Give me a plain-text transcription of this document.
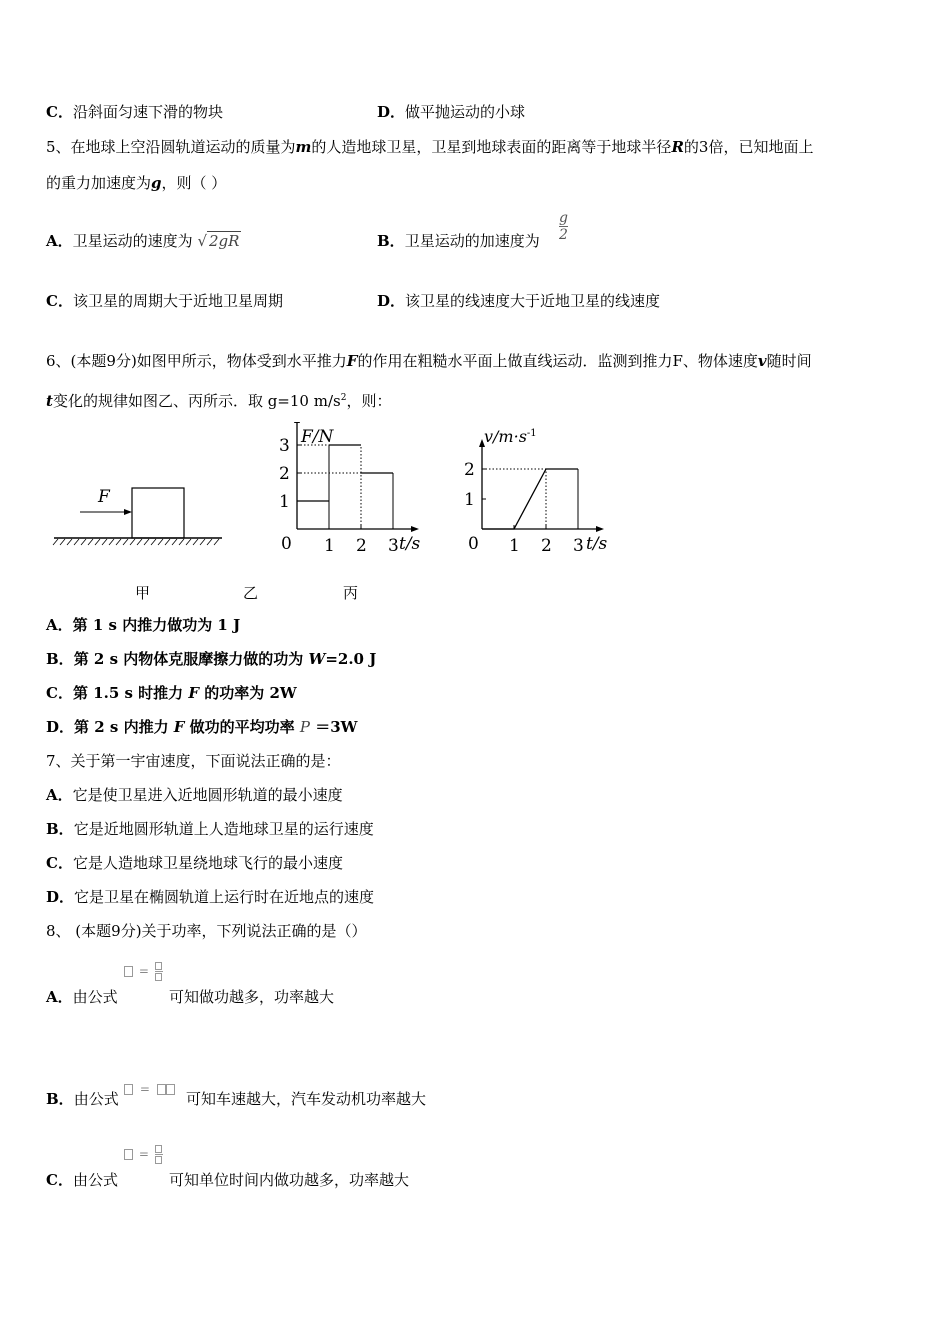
C．沿斜面匀速下滑的物块	D．做平抛运动的小球
5、在地球上空沿圆轨道运动的质量为m的人造地球卫星，卫星到地球表面的距离等于地球半径R的3倍，已知地面上
的重力加速度为g，则（ ）
A．卫星运动的速度为 √ 2gR	B．卫星运动的加速度为 $\frac{g}{2}$
C．该卫星的周期大于近地卫星周期	D．该卫星的线速度大于近地卫星的线速度
6、(本题9分)如图甲所示，物体受到水平推力F的作用在粗糙水平面上做直线运动．监测到推力F、物体速度v随时间
t变化的规律如图乙、丙所示．取 g=10 $m/s^2$，则：
F
F/N
t/s
0 1 2 3
1
2
3	$v/m\cdot s^{-1}$
t/s
0 1 2 3
1
2
甲	乙	丙
A．第 1 s 内推力做功为 1 J
B．第 2 s 内物体克服摩擦力做的功为 W=2.0 J
C．第 1.5 s 时推力 F 的功率为 2W
D．第 2 s 内推力 F 做功的平均功率 P ＝3W
7、关于第一宇宙速度，下面说法正确的是：
A．它是使卫星进入近地圆形轨道的最小速度
B．它是近地圆形轨道上人造地球卫星的运行速度
C．它是人造地球卫星绕地球飞行的最小速度
D．它是卫星在椭圆轨道上运行时在近地点的速度
8、 (本题9分)关于功率，下列说法正确的是（）
A．由公式
=

可知做功越多，功率越大
B．由公式
=
可知车速越大，汽车发动机功率越大
C．由公式
=

可知单位时间内做功越多，功率越大
